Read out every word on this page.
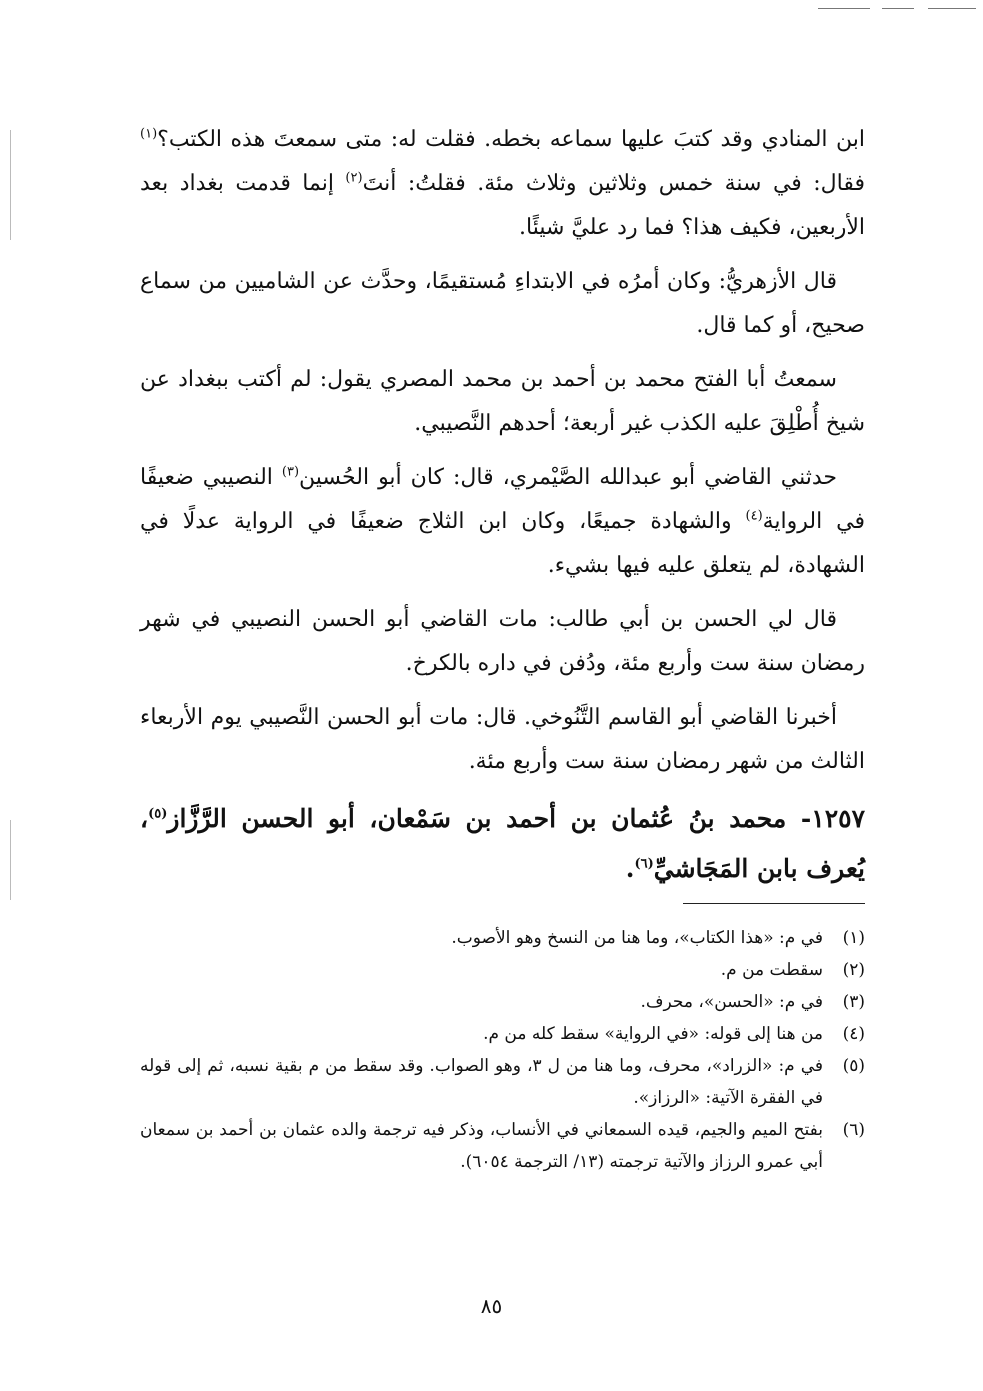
ابن المنادي وقد كتبَ عليها سماعه بخطه. فقلت له: متى سمعتَ هذه الكتب؟$^{(١)}$ فقال: في سنة خمس وثلاثين وثلاث مئة. فقلتُ: أنتَ$^{(٢)}$ إنما قدمت بغداد بعد الأربعين، فكيف هذا؟ فما رد عليَّ شيئًا.

قال الأزهريُّ: وكان أمرُه في الابتداءِ مُستقيمًا، وحدَّث عن الشاميين من سماع صحيح، أو كما قال.

سمعتُ أبا الفتح محمد بن أحمد بن محمد المصري يقول: لم أكتب ببغداد عن شيخ أُطْلِقَ عليه الكذب غير أربعة؛ أحدهم النَّصيبي.

حدثني القاضي أبو عبدالله الصَّيْمري، قال: كان أبو الحُسين$^{(٣)}$ النصيبي ضعيفًا في الرواية$^{(٤)}$ والشهادة جميعًا، وكان ابن الثلاج ضعيفًا في الرواية عدلًا في الشهادة، لم يتعلق عليه فيها بشيء.

قال لي الحسن بن أبي طالب: مات القاضي أبو الحسن النصيبي في شهر رمضان سنة ست وأربع مئة، ودُفن في داره بالكرخ.

أخبرنا القاضي أبو القاسم التَّنُوخي. قال: مات أبو الحسن النَّصيبي يوم الأربعاء الثالث من شهر رمضان سنة ست وأربع مئة.

١٢٥٧- محمد بنُ عُثمان بن أحمد بن سَمْعان، أبو الحسن الرَّزَّاز$^{(٥)}$، يُعرف بابن المَجَاشيِّ$^{(٦)}$.

(١)
في م: «هذا الكتاب»، وما هنا من النسخ وهو الأصوب.
(٢)
سقطت من م.
(٣)
في م: «الحسن»، محرف.
(٤)
من هنا إلى قوله: «في الرواية» سقط كله من م.
(٥)
في م: «الزراد»، محرف، وما هنا من ل ٣، وهو الصواب. وقد سقط من م بقية نسبه، ثم إلى قوله في الفقرة الآتية: «الرزاز».
(٦)
بفتح الميم والجيم، قيده السمعاني في الأنساب، وذكر فيه ترجمة والده عثمان بن أحمد بن سمعان أبي عمرو الرزاز والآتية ترجمته (١٣/ الترجمة ٦٠٥٤).
٨٥
